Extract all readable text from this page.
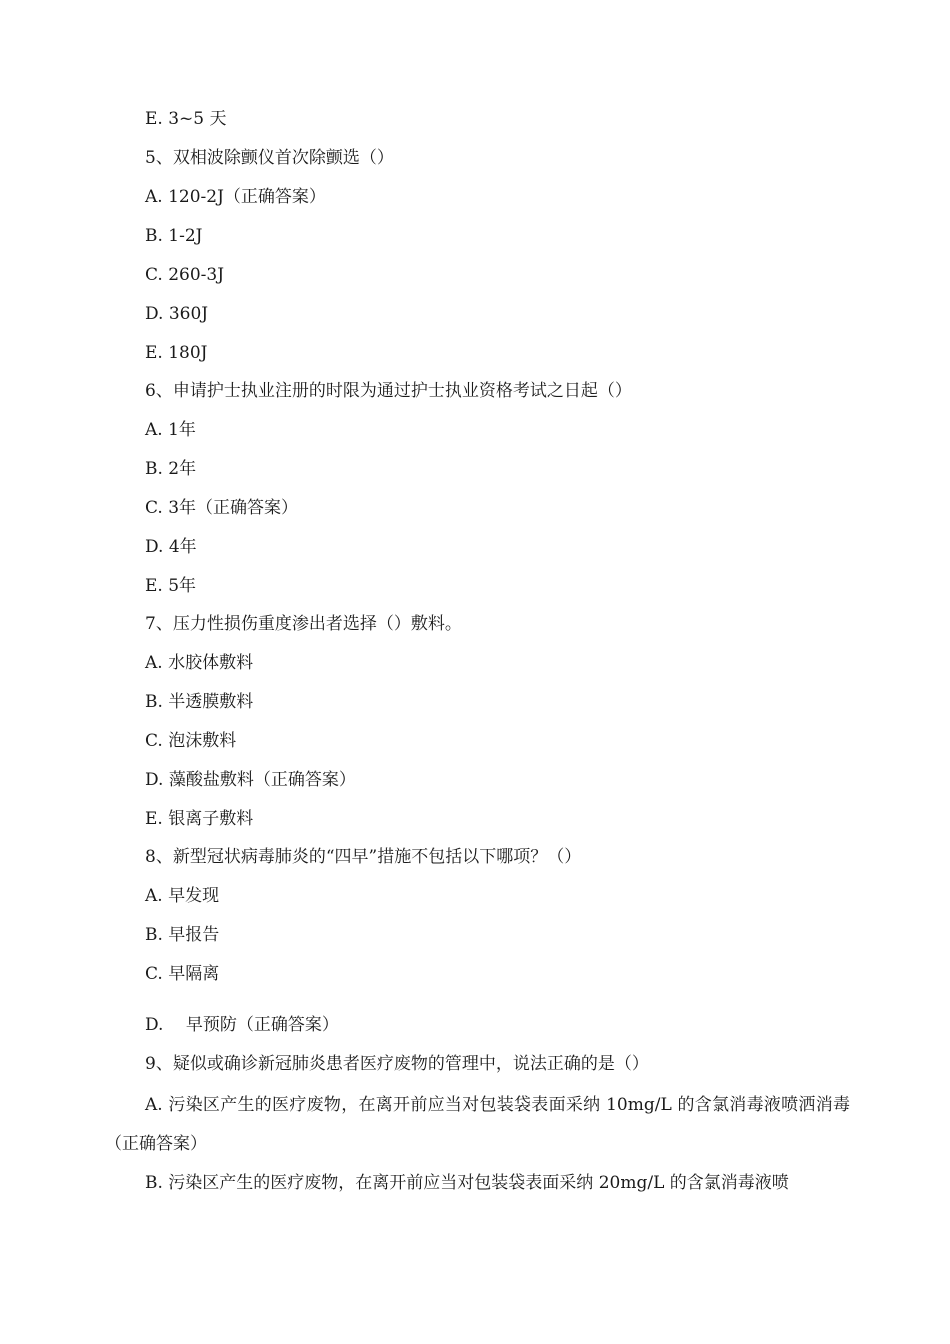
E. 3~5 天
5、双相波除颤仪首次除颤选（）
A. 120-2J（正确答案）
B. 1-2J
C. 260-3J
D. 360J
E. 180J
6、申请护士执业注册的时限为通过护士执业资格考试之日起（）
A. 1年
B. 2年
C. 3年（正确答案）
D. 4年
E. 5年
7、压力性损伤重度渗出者选择（）敷料。
A. 水胶体敷料
B. 半透膜敷料
C. 泡沫敷料
D. 藻酸盐敷料（正确答案）
E. 银离子敷料
8、新型冠状病毒肺炎的“四早”措施不包括以下哪项？（）
A. 早发现
B. 早报告
C. 早隔离
D.　 早预防（正确答案）
9、疑似或确诊新冠肺炎患者医疗废物的管理中，说法正确的是（）
A. 污染区产生的医疗废物，在离开前应当对包装袋表面采纳 10mg/L 的含氯消毒液喷洒消毒（正确答案）
B. 污染区产生的医疗废物，在离开前应当对包装袋表面采纳 20mg/L 的含氯消毒液喷
